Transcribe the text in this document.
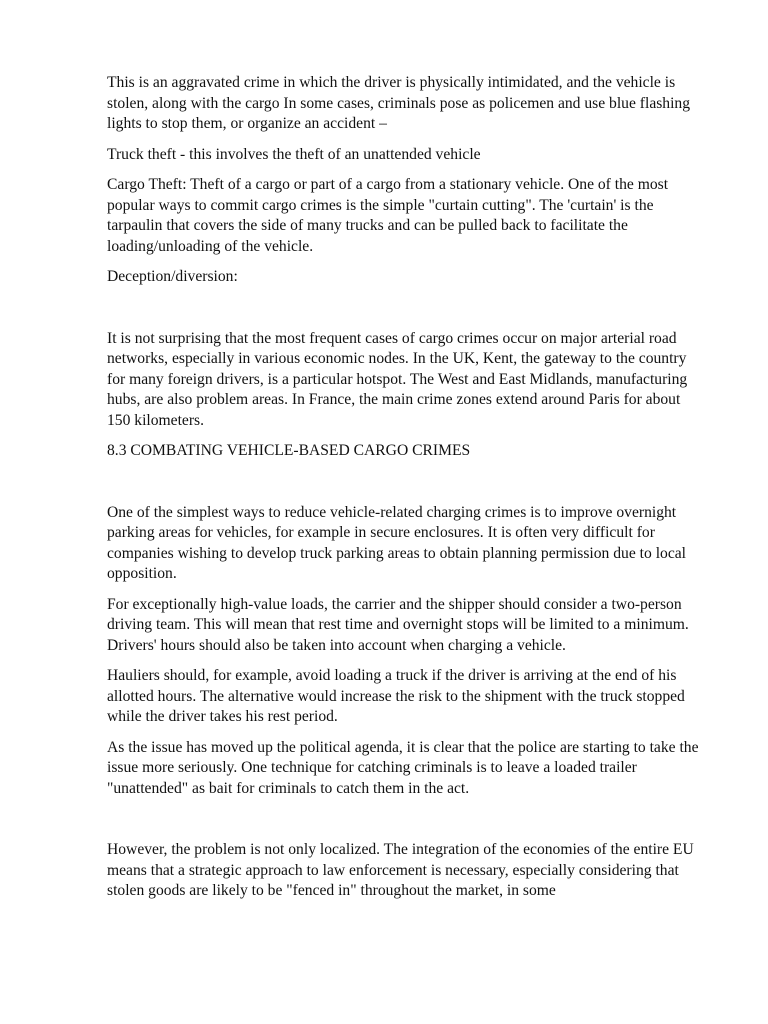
This is an aggravated crime in which the driver is physically intimidated, and the vehicle is stolen, along with the cargo In some cases, criminals pose as policemen and use blue flashing lights to stop them, or organize an accident –

Truck theft - this involves the theft of an unattended vehicle

Cargo Theft: Theft of a cargo or part of a cargo from a stationary vehicle. One of the most popular ways to commit cargo crimes is the simple "curtain cutting". The 'curtain' is the tarpaulin that covers the side of many trucks and can be pulled back to facilitate the loading/unloading of the vehicle.

Deception/diversion:

It is not surprising that the most frequent cases of cargo crimes occur on major arterial road networks, especially in various economic nodes. In the UK, Kent, the gateway to the country for many foreign drivers, is a particular hotspot. The West and East Midlands, manufacturing hubs, are also problem areas. In France, the main crime zones extend around Paris for about 150 kilometers.

8.3 COMBATING VEHICLE-BASED CARGO CRIMES

One of the simplest ways to reduce vehicle-related charging crimes is to improve overnight parking areas for vehicles, for example in secure enclosures. It is often very difficult for companies wishing to develop truck parking areas to obtain planning permission due to local opposition.

For exceptionally high-value loads, the carrier and the shipper should consider a two-person driving team. This will mean that rest time and overnight stops will be limited to a minimum. Drivers' hours should also be taken into account when charging a vehicle.

Hauliers should, for example, avoid loading a truck if the driver is arriving at the end of his allotted hours. The alternative would increase the risk to the shipment with the truck stopped while the driver takes his rest period.

As the issue has moved up the political agenda, it is clear that the police are starting to take the issue more seriously. One technique for catching criminals is to leave a loaded trailer "unattended" as bait for criminals to catch them in the act.

However, the problem is not only localized. The integration of the economies of the entire EU means that a strategic approach to law enforcement is necessary, especially considering that stolen goods are likely to be "fenced in" throughout the market, in some
